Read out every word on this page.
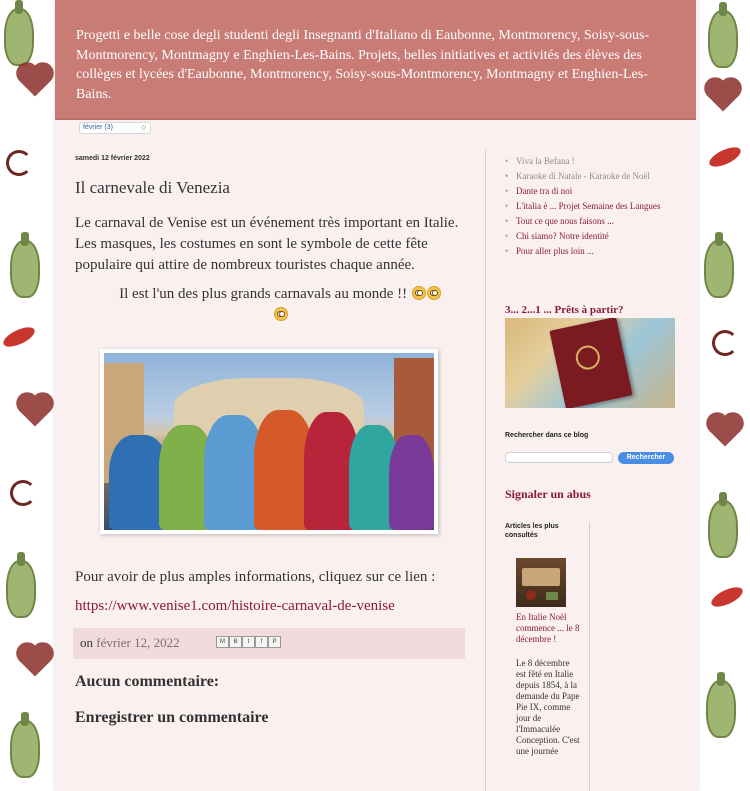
Progetti e belle cose degli studenti degli Insegnanti d'Italiano di Eaubonne, Montmorency, Soisy-sous-Montmorency, Montmagny e Enghien-Les-Bains. Projets, belles initiatives et activités des élèves des collèges et lycées d'Eaubonne, Montmorency, Soisy-sous-Montmorency, Montmagny et Enghien-Les- Bains.

février (3)	◇
samedi 12 février 2022
Il carnevale di Venezia
Le carnaval de Venise est un événement très important en Italie. Les masques, les costumes en sont le symbole de cette fête populaire qui attire de nombreux touristes chaque année.
Il est l'un des plus grands carnavals au monde !!

Pour avoir de plus amples informations, cliquez sur ce lien :
https://www.venise1.com/histoire-carnaval-de-venise
on février 12, 2022	M	B	t	f	P
Aucun commentaire:
Enregistrer un commentaire
• Viva la Befana !
• Karaoke di Natale - Karaoke de Noël
• Dante tra di noi
• L'italia è ... Projet Semaine des Langues
• Tout ce que nous faisons ...
• Chi siamo? Notre identité
• Pour aller plus loin ...
3... 2...1 ... Prêts à partir?
Rechercher dans ce blog
Rechercher
Signaler un abus
Articles les plus consultés
En Italie Noël commence ... le 8 décembre !
Le 8 décembre est fêté en Italie depuis 1854, à la demande du Pape Pie IX, comme jour de l'Immaculée Conception. C'est une journée
